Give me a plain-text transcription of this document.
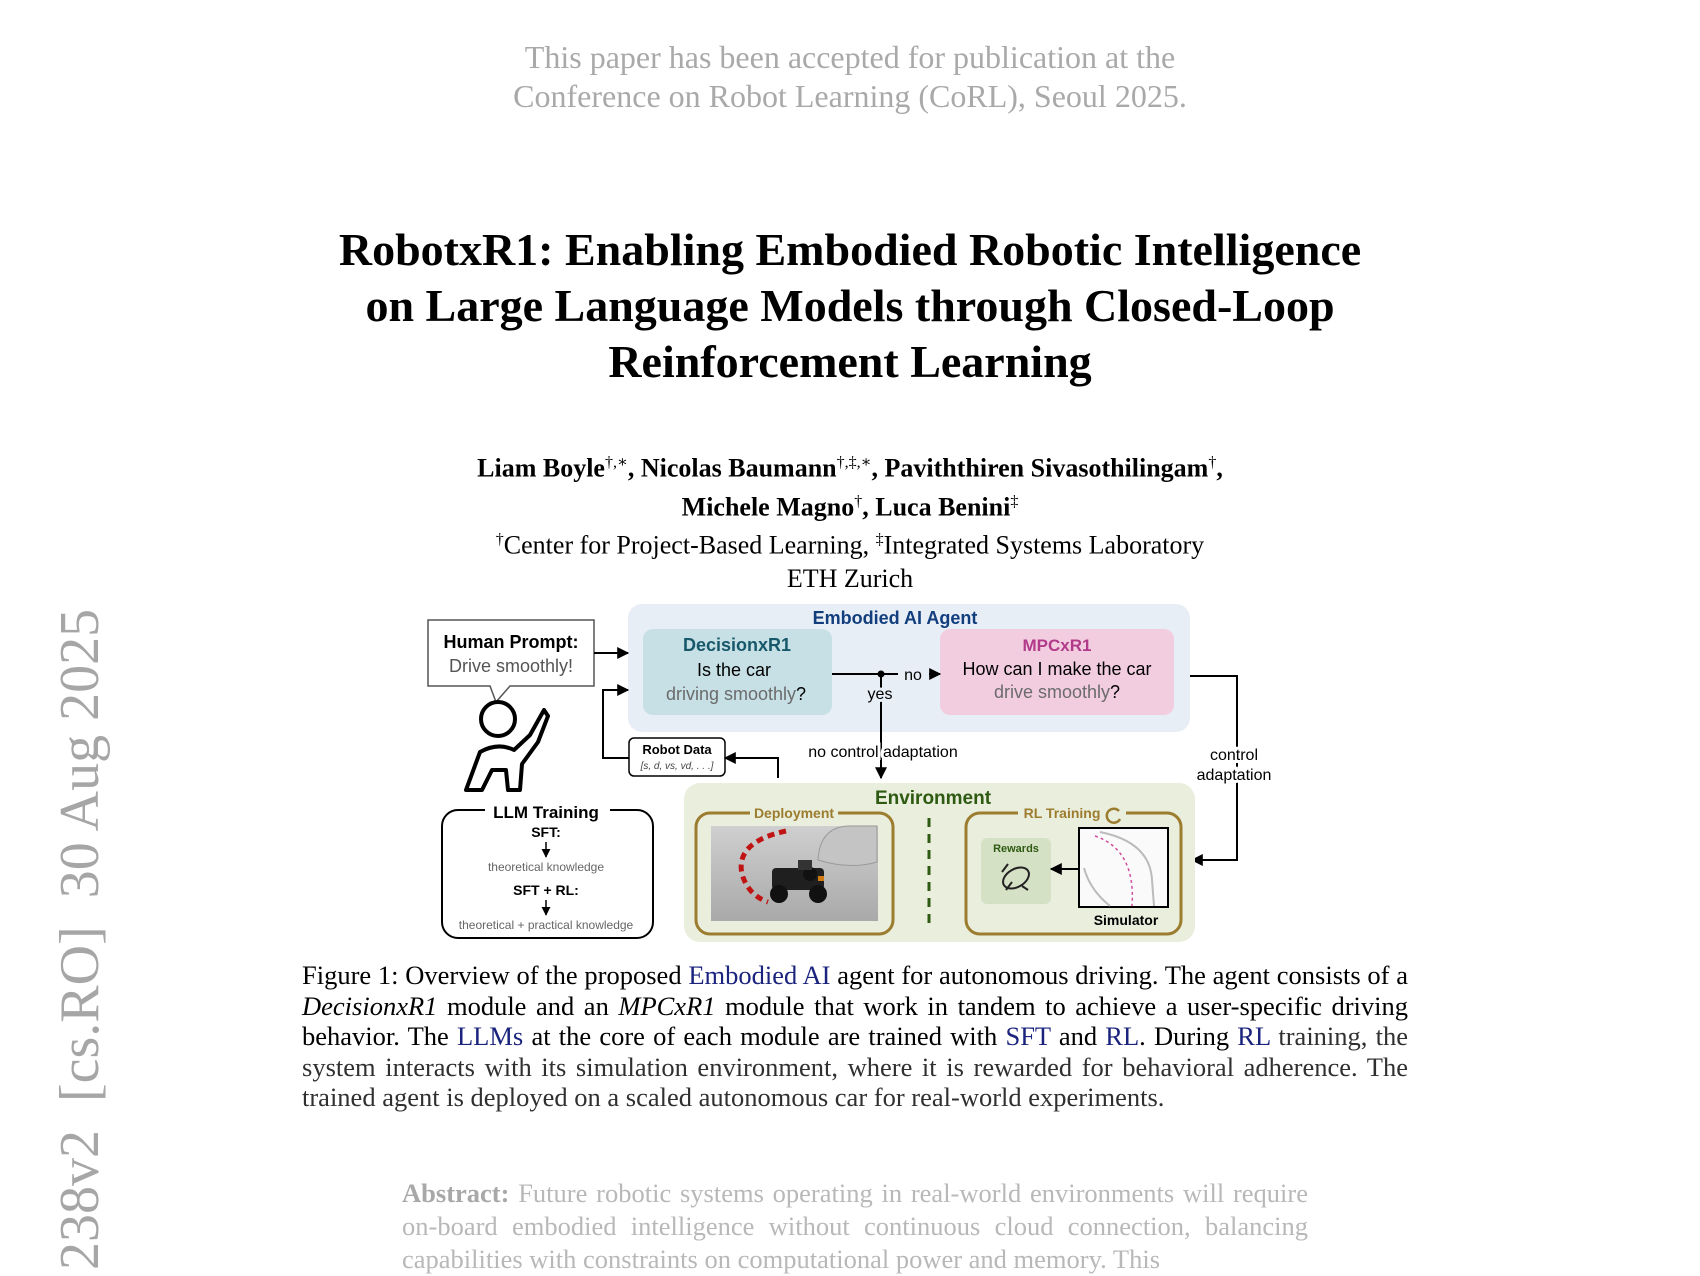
This paper has been accepted for publication at the
Conference on Robot Learning (CoRL), Seoul 2025.
RobotxR1: Enabling Embodied Robotic Intelligence
on Large Language Models through Closed-Loop
Reinforcement Learning
Liam Boyle†,∗, Nicolas Baumann†,‡,∗, Paviththiren Sivasothilingam†,
Michele Magno†, Luca Benini‡
†Center for Project-Based Learning, ‡Integrated Systems Laboratory
ETH Zurich
238v2[cs.RO]30 Aug 2025	Embodied AI Agent
DecisionxR1
Is the car
driving smoothly?
MPCxR1
How can I make the car
drive smoothly?
no
yes
no control adaptation	control
adaptation
Human Prompt:
Drive smoothly!
Robot Data
[s, d, vs, vd, . . .]
LLM Training
SFT:
theoretical knowledge
SFT + RL:
theoretical + practical knowledge
Environment
Deployment	RL Training
Rewards
Simulator
Figure 1: Overview of the proposed Embodied AI agent for autonomous driving. The agent consists of a DecisionxR1 module and an MPCxR1 module that work in tandem to achieve a user-specific driving behavior. The LLMs at the core of each module are trained with SFT and RL. During RL training, the system interacts with its simulation environment, where it is rewarded for behavioral adherence. The trained agent is deployed on a scaled autonomous car for real-world experiments.
Abstract: Future robotic systems operating in real-world environments will require on-board embodied intelligence without continuous cloud connection, balancing capabilities with constraints on computational power and memory. This
